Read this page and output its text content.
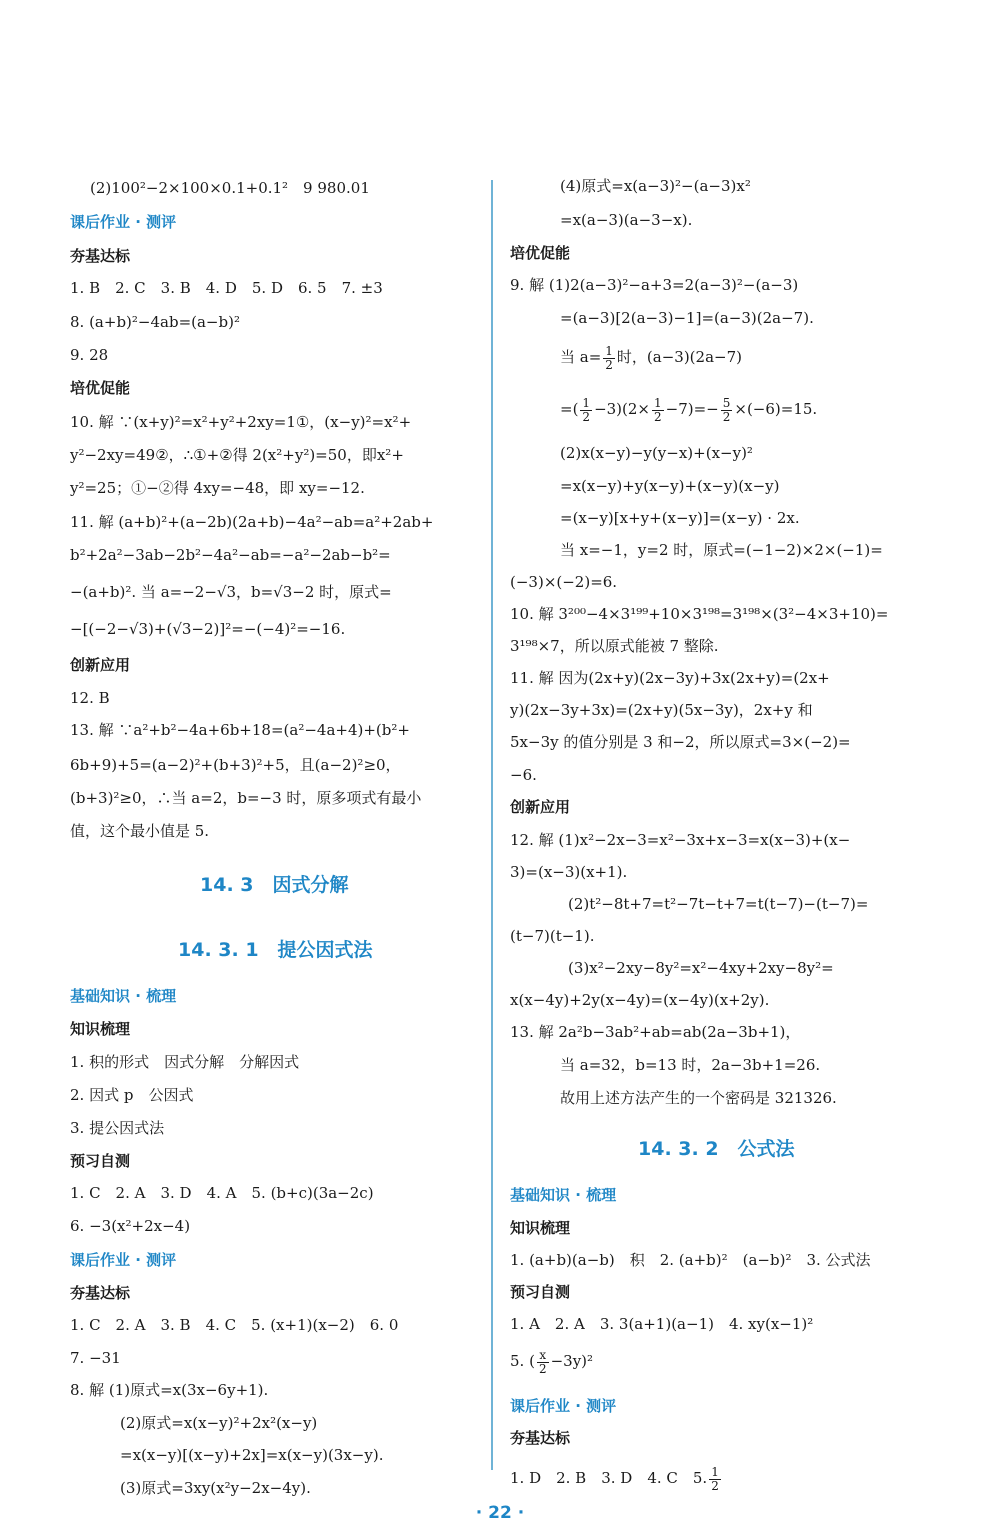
(2)100²−2×100×0.1+0.1²　9 980.01
课后作业 · 测评
夯基达标
1. B　2. C　3. B　4. D　5. D　6. 5　7. ±3
8. (a+b)²−4ab=(a−b)²
9. 28
培优促能
10. 解 ∵(x+y)²=x²+y²+2xy=1①，(x−y)²=x²+
y²−2xy=49②，∴①+②得 2(x²+y²)=50，即x²+
y²=25；①−②得 4xy=−48，即 xy=−12.
11. 解 (a+b)²+(a−2b)(2a+b)−4a²−ab=a²+2ab+
b²+2a²−3ab−2b²−4a²−ab=−a²−2ab−b²=
−(a+b)². 当 a=−2−√3，b=√3−2 时，原式=
−[(−2−√3)+(√3−2)]²=−(−4)²=−16.
创新应用
12. B
13. 解 ∵a²+b²−4a+6b+18=(a²−4a+4)+(b²+
6b+9)+5=(a−2)²+(b+3)²+5，且(a−2)²≥0，
(b+3)²≥0，∴当 a=2，b=−3 时，原多项式有最小
值，这个最小值是 5.
14. 3　因式分解
14. 3. 1　提公因式法
基础知识 · 梳理
知识梳理
1. 积的形式　因式分解　分解因式
2. 因式 p　公因式
3. 提公因式法
预习自测
1. C　2. A　3. D　4. A　5. (b+c)(3a−2c)
6. −3(x²+2x−4)
课后作业 · 测评
夯基达标
1. C　2. A　3. B　4. C　5. (x+1)(x−2)　6. 0
7. −31
8. 解 (1)原式=x(3x−6y+1).
(2)原式=x(x−y)²+2x²(x−y)
=x(x−y)[(x−y)+2x]=x(x−y)(3x−y).
(3)原式=3xy(x²y−2x−4y).
(4)原式=x(a−3)²−(a−3)x²
=x(a−3)(a−3−x).
培优促能
9. 解 (1)2(a−3)²−a+3=2(a−3)²−(a−3)
=(a−3)[2(a−3)−1]=(a−3)(2a−7).
当 $a= \frac{1}{2}$ 时，(a−3)(2a−7)
=( $\frac{1}{2} -3)(2\times \frac{1}{2} -7)=- \frac{5}{2} \times(-6)=15$.
(2)x(x−y)−y(y−x)+(x−y)²
=x(x−y)+y(x−y)+(x−y)(x−y)
=(x−y)[x+y+(x−y)]=(x−y) · 2x.
当 x=−1，y=2 时，原式=(−1−2)×2×(−1)=
(−3)×(−2)=6.
10. 解 3²⁰⁰−4×3¹⁹⁹+10×3¹⁹⁸=3¹⁹⁸×(3²−4×3+10)=
3¹⁹⁸×7，所以原式能被 7 整除.
11. 解 因为(2x+y)(2x−3y)+3x(2x+y)=(2x+
y)(2x−3y+3x)=(2x+y)(5x−3y)，2x+y 和
5x−3y 的值分别是 3 和−2，所以原式=3×(−2)=
−6.
创新应用
12. 解 (1)x²−2x−3=x²−3x+x−3=x(x−3)+(x−
3)=(x−3)(x+1).
(2)t²−8t+7=t²−7t−t+7=t(t−7)−(t−7)=
(t−7)(t−1).
(3)x²−2xy−8y²=x²−4xy+2xy−8y²=
x(x−4y)+2y(x−4y)=(x−4y)(x+2y).
13. 解 2a²b−3ab²+ab=ab(2a−3b+1)，
当 a=32，b=13 时，2a−3b+1=26.
故用上述方法产生的一个密码是 321326.
14. 3. 2　公式法
基础知识 · 梳理
知识梳理
1. (a+b)(a−b)　积　2. (a+b)²　(a−b)²　3. 公式法
预习自测
1. A　2. A　3. 3(a+1)(a−1)　4. xy(x−1)²
5. ( $\frac{x}{2} -3y)^2$
课后作业 · 测评
夯基达标
1. D　2. B　3. D　4. C　5. $\frac{1}{2}$
· 22 ·
